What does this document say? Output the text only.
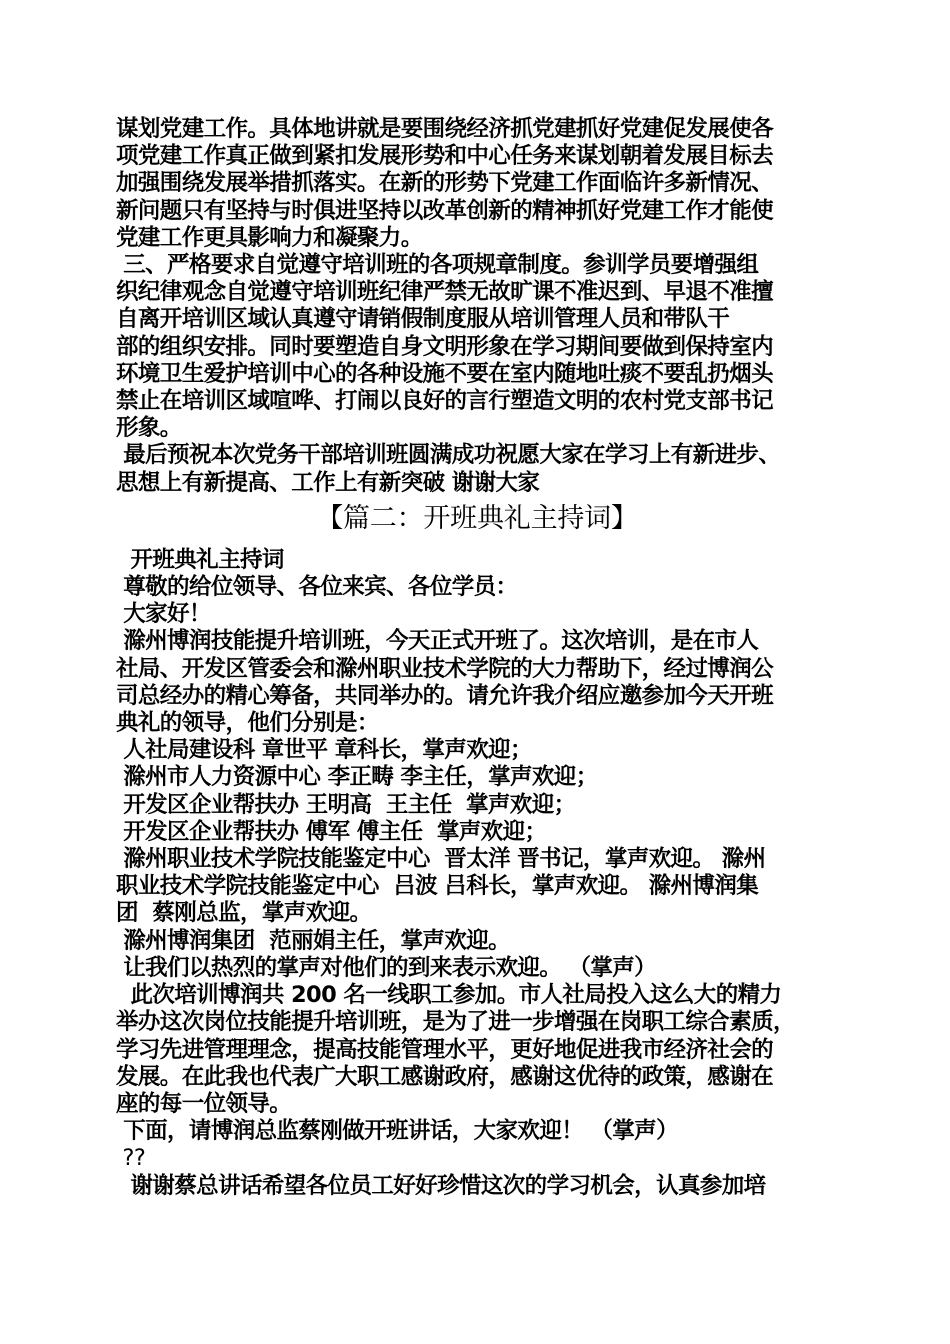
谋划党建工作。具体地讲就是要围绕经济抓党建抓好党建促发展使各
项党建工作真正做到紧扣发展形势和中心任务来谋划朝着发展目标去
加强围绕发展举措抓落实。在新的形势下党建工作面临许多新情况、
新问题只有坚持与时俱进坚持以改革创新的精神抓好党建工作才能使
党建工作更具影响力和凝聚力。
三、严格要求自觉遵守培训班的各项规章制度。参训学员要增强组
织纪律观念自觉遵守培训班纪律严禁无故旷课不准迟到、早退不准擅
自离开培训区域认真遵守请销假制度服从培训管理人员和带队干
部的组织安排。同时要塑造自身文明形象在学习期间要做到保持室内
环境卫生爱护培训中心的各种设施不要在室内随地吐痰不要乱扔烟头
禁止在培训区域喧哗、打闹以良好的言行塑造文明的农村党支部书记
形象。
最后预祝本次党务干部培训班圆满成功祝愿大家在学习上有新进步、
思想上有新提高、工作上有新突破 谢谢大家
【篇二：开班典礼主持词】
开班典礼主持词
尊敬的给位领导、各位来宾、各位学员：
大家好！
滁州博润技能提升培训班，今天正式开班了。这次培训，是在市人
社局、开发区管委会和滁州职业技术学院的大力帮助下，经过博润公
司总经办的精心筹备，共同举办的。请允许我介绍应邀参加今天开班
典礼的领导，他们分别是：
人社局建设科 章世平 章科长，掌声欢迎；
滁州市人力资源中心 李正畴 李主任，掌声欢迎；
开发区企业帮扶办 王明高  王主任  掌声欢迎；
开发区企业帮扶办 傅军 傅主任  掌声欢迎；
滁州职业技术学院技能鉴定中心  晋太洋 晋书记，掌声欢迎。 滁州
职业技术学院技能鉴定中心  吕波 吕科长，掌声欢迎。 滁州博润集
团  蔡刚总监，掌声欢迎。
滁州博润集团  范丽娟主任，掌声欢迎。
让我们以热烈的掌声对他们的到来表示欢迎。 （掌声）
此次培训博润共 200 名一线职工参加。市人社局投入这么大的精力
举办这次岗位技能提升培训班，是为了进一步增强在岗职工综合素质，
学习先进管理理念，提高技能管理水平，更好地促进我市经济社会的
发展。在此我也代表广大职工感谢政府，感谢这优待的政策，感谢在
座的每一位领导。
下面，请博润总监蔡刚做开班讲话，大家欢迎！ （掌声）
??
谢谢蔡总讲话希望各位员工好好珍惜这次的学习机会，认真参加培
